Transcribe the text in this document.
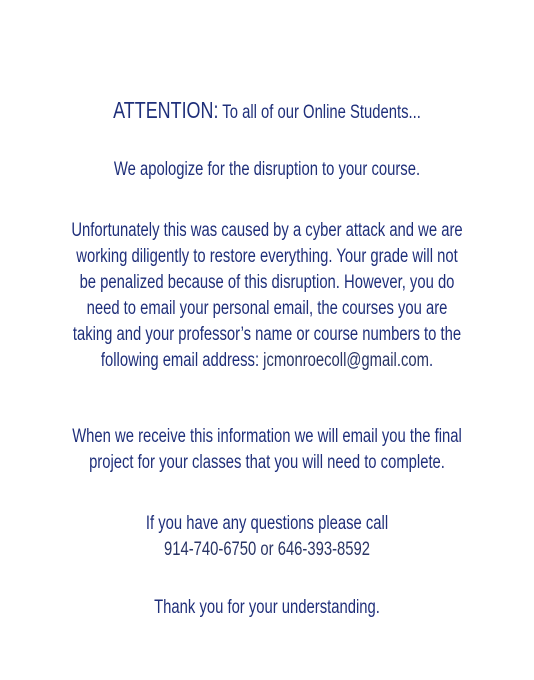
ATTENTION: To all of our Online Students...

We apologize for the disruption to your course.

Unfortunately this was caused by a cyber attack and we are
working diligently to restore everything. Your grade will not
be penalized because of this disruption. However, you do
need to email your personal email, the courses you are
taking and your professor’s name or course numbers to the
following email address: jcmonroecoll@gmail.com.

When we receive this information we will email you the final
project for your classes that you will need to complete.

If you have any questions please call
914-740-6750 or 646-393-8592

Thank you for your understanding.
